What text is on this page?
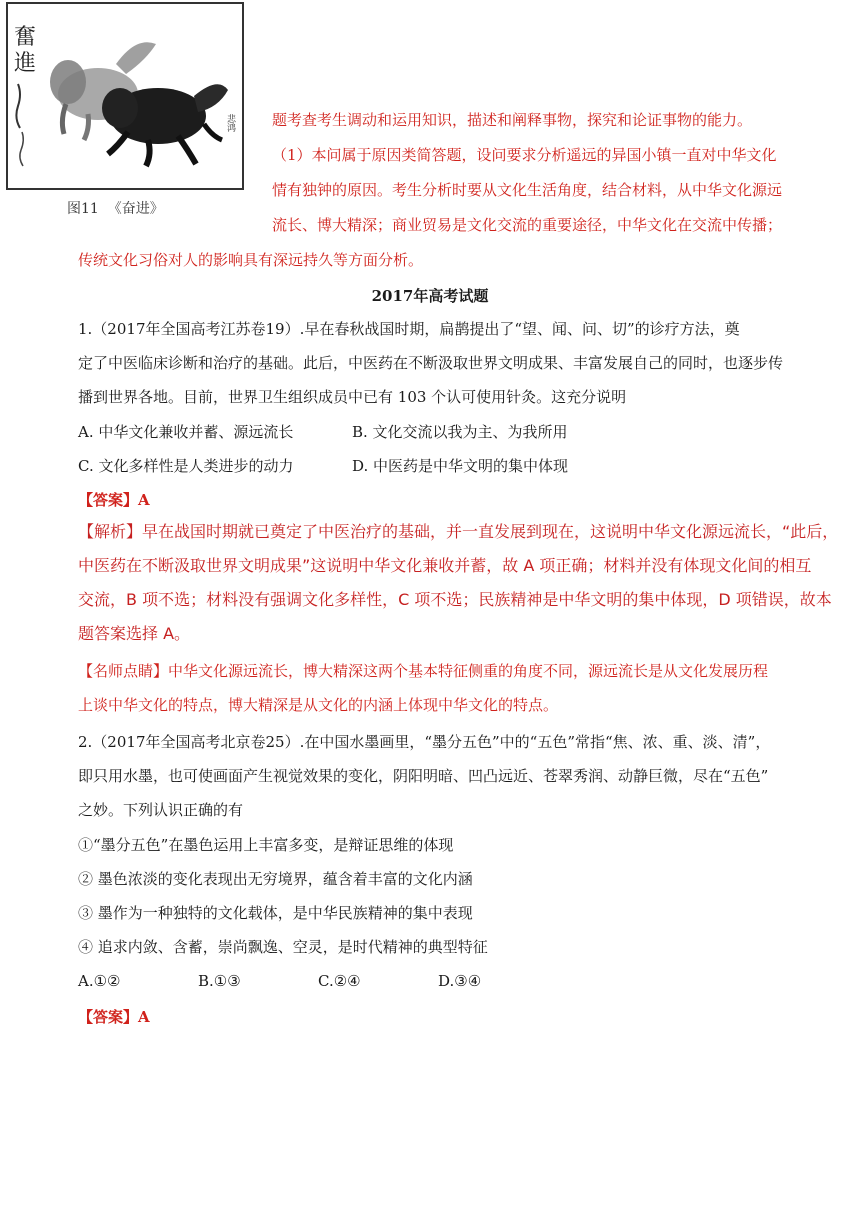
奮
進
悲鸿
图11  《奋进》
题考查考生调动和运用知识，描述和阐释事物，探究和论证事物的能力。
（1）本问属于原因类简答题，设问要求分析遥远的异国小镇一直对中华文化
情有独钟的原因。考生分析时要从文化生活角度，结合材料，从中华文化源远
流长、博大精深；商业贸易是文化交流的重要途径，中华文化在交流中传播；
传统文化习俗对人的影响具有深远持久等方面分析。
2017年高考试题
1.（2017年全国高考江苏卷19）.早在春秋战国时期，扁鹊提出了“望、闻、问、切”的诊疗方法，奠
定了中医临床诊断和治疗的基础。此后，中医药在不断汲取世界文明成果、丰富发展自己的同时，也逐步传
播到世界各地。目前，世界卫生组织成员中已有 103 个认可使用针灸。这充分说明
A. 中华文化兼收并蓄、源远流长	B. 文化交流以我为主、为我所用
C. 文化多样性是人类进步的动力	D. 中医药是中华文明的集中体现
【答案】A
【解析】早在战国时期就已奠定了中医治疗的基础，并一直发展到现在，这说明中华文化源远流长，“此后，
中医药在不断汲取世界文明成果”这说明中华文化兼收并蓄，故 A 项正确；材料并没有体现文化间的相互
交流，B 项不选；材料没有强调文化多样性，C 项不选；民族精神是中华文明的集中体现，D 项错误，故本
题答案选择 A。
【名师点睛】中华文化源远流长，博大精深这两个基本特征侧重的角度不同，源远流长是从文化发展历程
上谈中华文化的特点，博大精深是从文化的内涵上体现中华文化的特点。
2.（2017年全国高考北京卷25）.在中国水墨画里，“墨分五色”中的“五色”常指“焦、浓、重、淡、清”，
即只用水墨，也可使画面产生视觉效果的变化，阴阳明暗、凹凸远近、苍翠秀润、动静巨微，尽在“五色”
之妙。下列认识正确的有
①“墨分五色”在墨色运用上丰富多变，是辩证思维的体现
② 墨色浓淡的变化表现出无穷境界，蕴含着丰富的文化内涵
③ 墨作为一种独特的文化载体，是中华民族精神的集中表现
④ 追求内敛、含蓄，崇尚飘逸、空灵，是时代精神的典型特征
A.①②	B.①③	C.②④	D.③④
【答案】A
